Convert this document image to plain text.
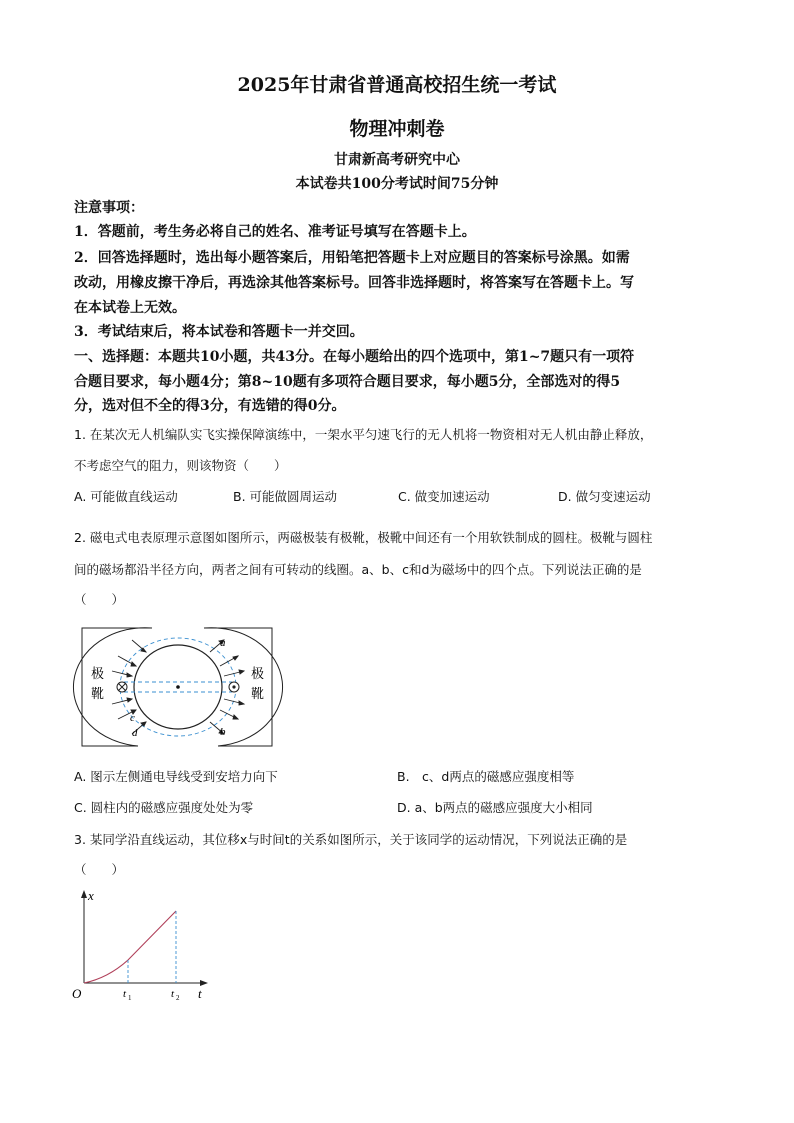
2025年甘肃省普通高校招生统一考试
物理冲刺卷
甘肃新高考研究中心
本试卷共100分考试时间75分钟
注意事项：
1．答题前，考生务必将自己的姓名、准考证号填写在答题卡上。
2．回答选择题时，选出每小题答案后，用铅笔把答题卡上对应题目的答案标号涂黑。如需
改动，用橡皮擦干净后，再选涂其他答案标号。回答非选择题时，将答案写在答题卡上。写
在本试卷上无效。
3．考试结束后，将本试卷和答题卡一并交回。
一、选择题：本题共10小题，共43分。在每小题给出的四个选项中，第1~7题只有一项符
合题目要求，每小题4分；第8~10题有多项符合题目要求，每小题5分，全部选对的得5
分，选对但不全的得3分，有选错的得0分。
1. 在某次无人机编队实飞实操保障演练中，一架水平匀速飞行的无人机将一物资相对无人机由静止释放，
不考虑空气的阻力，则该物资（　　）
A. 可能做直线运动	B. 可能做圆周运动	C. 做变加速运动	D. 做匀变速运动
2. 磁电式电表原理示意图如图所示，两磁极装有极靴，极靴中间还有一个用软铁制成的圆柱。极靴与圆柱
间的磁场都沿半径方向，两者之间有可转动的线圈。a、b、c和d为磁场中的四个点。下列说法正确的是
（　　）
极
靴
极
靴
a
b
c
d
A. 图示左侧通电导线受到安培力向下	B.　c、d两点的磁感应强度相等
C. 圆柱内的磁感应强度处处为零	D. a、b两点的磁感应强度大小相同
3. 某同学沿直线运动，其位移x与时间t的关系如图所示，关于该同学的运动情况，下列说法正确的是
（　　）
x
t
O	t 1	t 2
